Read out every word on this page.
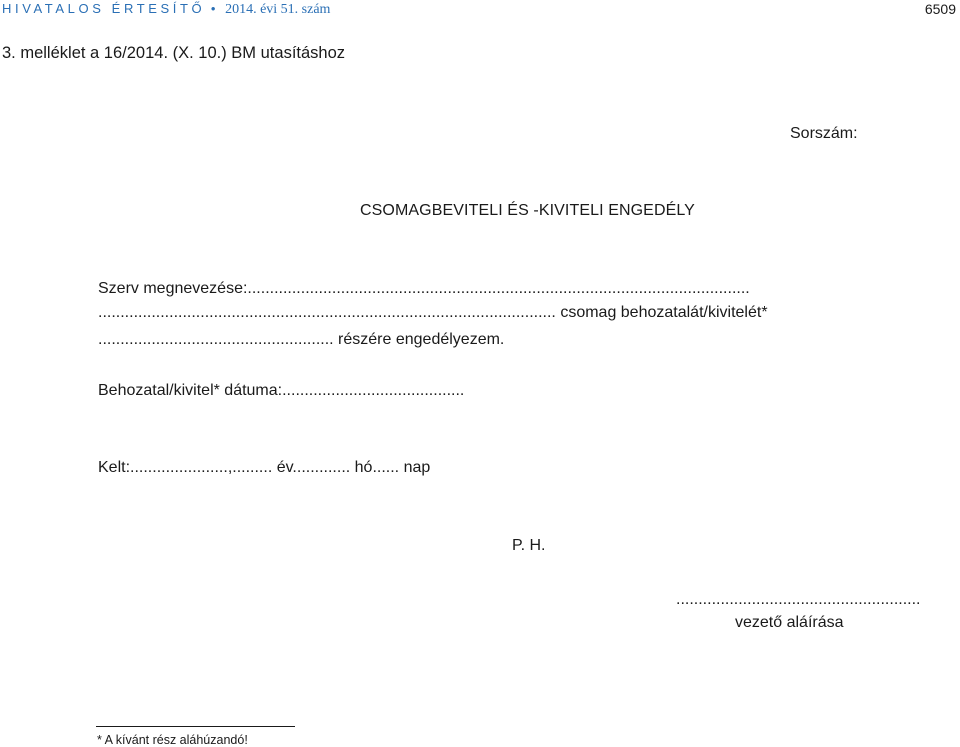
HIVATALOS ÉRTESÍTŐ • 2014. évi 51. szám	6509
3. melléklet a 16/2014. (X. 10.) BM utasításhoz
Sorszám:
CSOMAGBEVITELI ÉS -KIVITELI ENGEDÉLY
Szerv megnevezése:.................................................................................................................
....................................................................................................... csomag behozatalát/kivitelét*
..................................................... részére engedélyezem.
Behozatal/kivitel* dátuma:.........................................
Kelt:......................,......... év............. hó...... nap
P. H.
.......................................................
vezető aláírása
* A kívánt rész aláhúzandó!
